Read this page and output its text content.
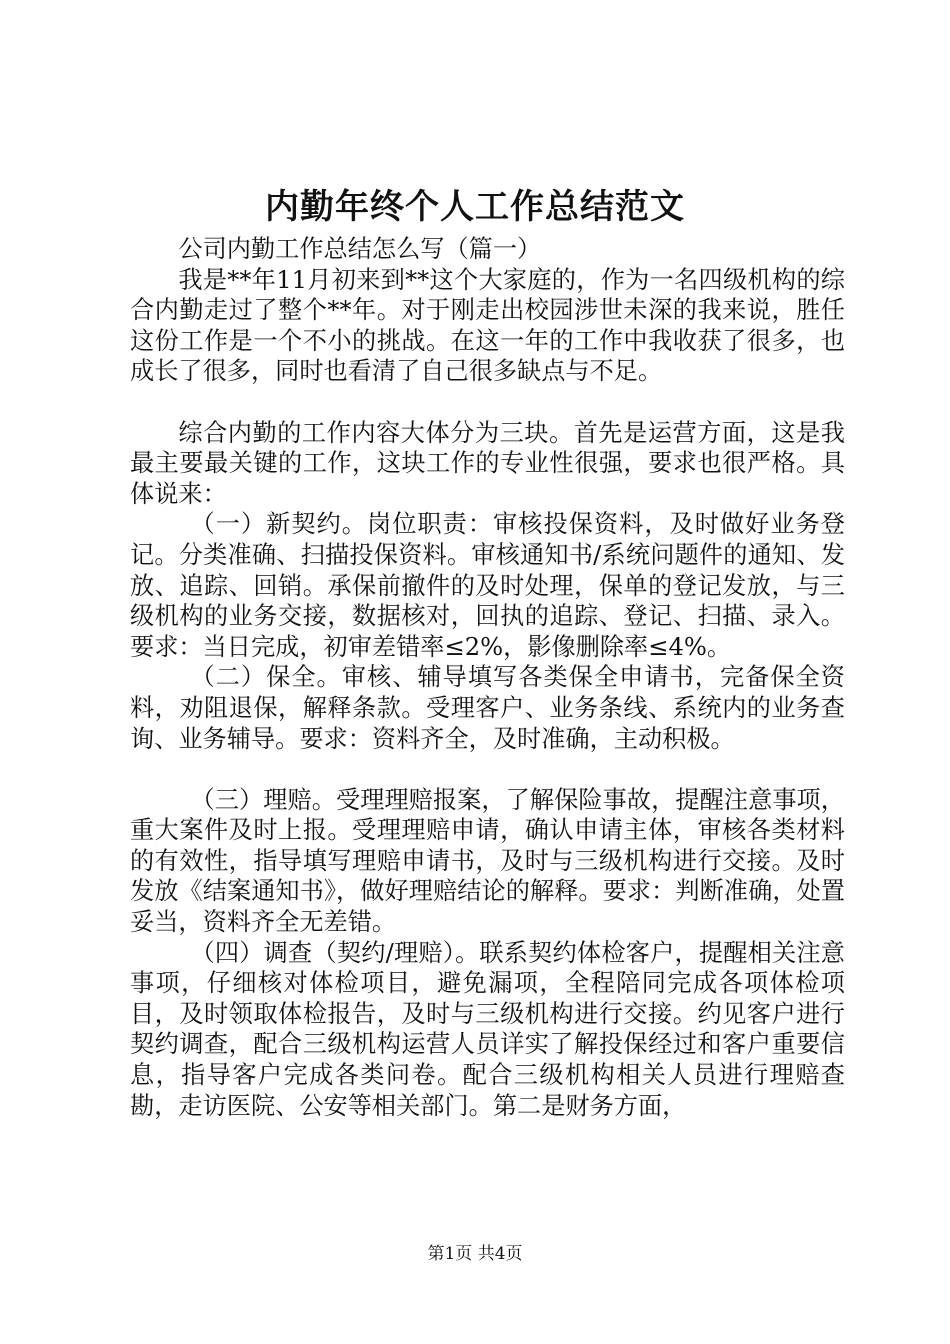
内勤年终个人工作总结范文

公司内勤工作总结怎么写（篇一）

我是**年11月初来到**这个大家庭的，作为一名四级机构的综合内勤走过了整个**年。对于刚走出校园涉世未深的我来说，胜任这份工作是一个不小的挑战。在这一年的工作中我收获了很多，也成长了很多，同时也看清了自己很多缺点与不足。

综合内勤的工作内容大体分为三块。首先是运营方面，这是我最主要最关键的工作，这块工作的专业性很强，要求也很严格。具体说来：

（一）新契约。岗位职责：审核投保资料，及时做好业务登记。分类准确、扫描投保资料。审核通知书/系统问题件的通知、发放、追踪、回销。承保前撤件的及时处理，保单的登记发放，与三级机构的业务交接，数据核对，回执的追踪、登记、扫描、录入。要求：当日完成，初审差错率≤2%，影像删除率≤4%。

（二）保全。审核、辅导填写各类保全申请书，完备保全资料，劝阻退保，解释条款。受理客户、业务条线、系统内的业务查询、业务辅导。要求：资料齐全，及时准确，主动积极。

（三）理赔。受理理赔报案，了解保险事故，提醒注意事项，重大案件及时上报。受理理赔申请，确认申请主体，审核各类材料的有效性，指导填写理赔申请书，及时与三级机构进行交接。及时发放《结案通知书》，做好理赔结论的解释。要求：判断准确，处置妥当，资料齐全无差错。

（四）调查（契约/理赔）。联系契约体检客户，提醒相关注意事项，仔细核对体检项目，避免漏项，全程陪同完成各项体检项目，及时领取体检报告，及时与三级机构进行交接。约见客户进行契约调查，配合三级机构运营人员详实了解投保经过和客户重要信息，指导客户完成各类问卷。配合三级机构相关人员进行理赔查勘，走访医院、公安等相关部门。第二是财务方面，

第1页 共4页
